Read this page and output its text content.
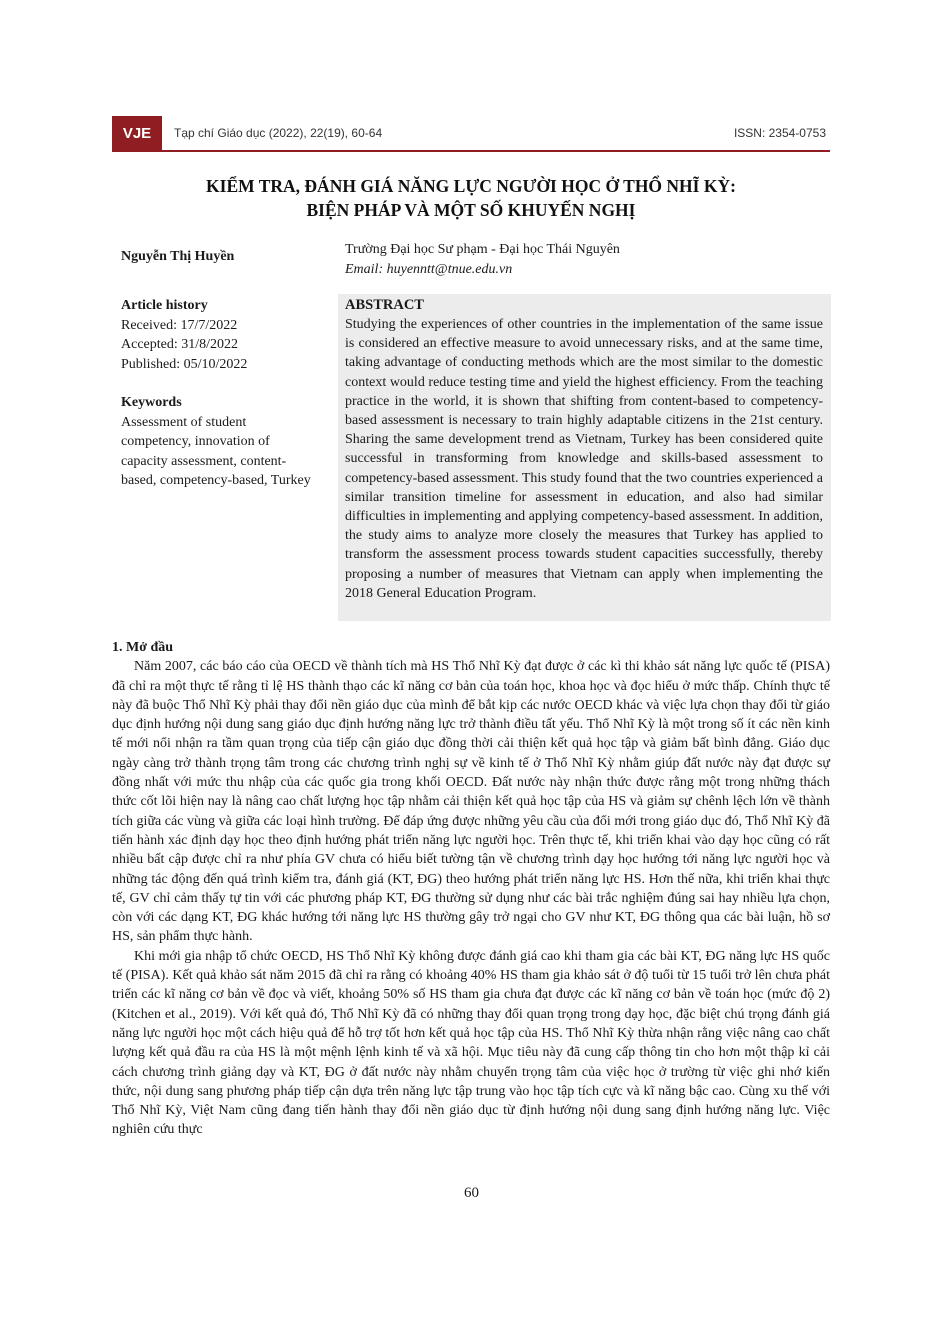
VJE	Tạp chí Giáo dục (2022), 22(19), 60-64	ISSN: 2354-0753
KIỂM TRA, ĐÁNH GIÁ NĂNG LỰC NGƯỜI HỌC Ở THỔ NHĨ KỲ:
BIỆN PHÁP VÀ MỘT SỐ KHUYẾN NGHỊ
Nguyễn Thị Huyền	Trường Đại học Sư phạm - Đại học Thái Nguyên
Email: huyenntt@tnue.edu.vn
Article history
Received: 17/7/2022
Accepted: 31/8/2022
Published: 05/10/2022
Keywords
Assessment of student competency, innovation of capacity assessment, content-based, competency-based, Turkey
ABSTRACT
Studying the experiences of other countries in the implementation of the same issue is considered an effective measure to avoid unnecessary risks, and at the same time, taking advantage of conducting methods which are the most similar to the domestic context would reduce testing time and yield the highest efficiency. From the teaching practice in the world, it is shown that shifting from content-based to competency-based assessment is necessary to train highly adaptable citizens in the 21st century. Sharing the same development trend as Vietnam, Turkey has been considered quite successful in transforming from knowledge and skills-based assessment to competency-based assessment. This study found that the two countries experienced a similar transition timeline for assessment in education, and also had similar difficulties in implementing and applying competency-based assessment. In addition, the study aims to analyze more closely the measures that Turkey has applied to transform the assessment process towards student capacities successfully, thereby proposing a number of measures that Vietnam can apply when implementing the 2018 General Education Program.
1. Mở đầu

Năm 2007, các báo cáo của OECD về thành tích mà HS Thổ Nhĩ Kỳ đạt được ở các kì thi khảo sát năng lực quốc tế (PISA) đã chỉ ra một thực tế rằng tỉ lệ HS thành thạo các kĩ năng cơ bản của toán học, khoa học và đọc hiểu ở mức thấp. Chính thực tế này đã buộc Thổ Nhĩ Kỳ phải thay đổi nền giáo dục của mình để bắt kịp các nước OECD khác và việc lựa chọn thay đổi từ giáo dục định hướng nội dung sang giáo dục định hướng năng lực trở thành điều tất yếu. Thổ Nhĩ Kỳ là một trong số ít các nền kinh tế mới nổi nhận ra tầm quan trọng của tiếp cận giáo dục đồng thời cải thiện kết quả học tập và giảm bất bình đẳng. Giáo dục ngày càng trở thành trọng tâm trong các chương trình nghị sự về kinh tế ở Thổ Nhĩ Kỳ nhằm giúp đất nước này đạt được sự đồng nhất với mức thu nhập của các quốc gia trong khối OECD. Đất nước này nhận thức được rằng một trong những thách thức cốt lõi hiện nay là nâng cao chất lượng học tập nhằm cải thiện kết quả học tập của HS và giảm sự chênh lệch lớn về thành tích giữa các vùng và giữa các loại hình trường. Để đáp ứng được những yêu cầu của đổi mới trong giáo dục đó, Thổ Nhĩ Kỳ đã tiến hành xác định dạy học theo định hướng phát triển năng lực người học. Trên thực tế, khi triển khai vào dạy học cũng có rất nhiều bất cập được chỉ ra như phía GV chưa có hiểu biết tường tận về chương trình dạy học hướng tới năng lực người học và những tác động đến quá trình kiểm tra, đánh giá (KT, ĐG) theo hướng phát triển năng lực HS. Hơn thế nữa, khi triển khai thực tế, GV chỉ cảm thấy tự tin với các phương pháp KT, ĐG thường sử dụng như các bài trắc nghiệm đúng sai hay nhiều lựa chọn, còn với các dạng KT, ĐG khác hướng tới năng lực HS thường gây trở ngại cho GV như KT, ĐG thông qua các bài luận, hồ sơ HS, sản phẩm thực hành.

Khi mới gia nhập tổ chức OECD, HS Thổ Nhĩ Kỳ không được đánh giá cao khi tham gia các bài KT, ĐG năng lực HS quốc tế (PISA). Kết quả khảo sát năm 2015 đã chỉ ra rằng có khoảng 40% HS tham gia khảo sát ở độ tuổi từ 15 tuổi trở lên chưa phát triển các kĩ năng cơ bản về đọc và viết, khoảng 50% số HS tham gia chưa đạt được các kĩ năng cơ bản về toán học (mức độ 2) (Kitchen et al., 2019). Với kết quả đó, Thổ Nhĩ Kỳ đã có những thay đổi quan trọng trong dạy học, đặc biệt chú trọng đánh giá năng lực người học một cách hiệu quả để hỗ trợ tốt hơn kết quả học tập của HS. Thổ Nhĩ Kỳ thừa nhận rằng việc nâng cao chất lượng kết quả đầu ra của HS là một mệnh lệnh kinh tế và xã hội. Mục tiêu này đã cung cấp thông tin cho hơn một thập kỉ cải cách chương trình giảng dạy và KT, ĐG ở đất nước này nhằm chuyển trọng tâm của việc học ở trường từ việc ghi nhớ kiến thức, nội dung sang phương pháp tiếp cận dựa trên năng lực tập trung vào học tập tích cực và kĩ năng bậc cao. Cùng xu thế với Thổ Nhĩ Kỳ, Việt Nam cũng đang tiến hành thay đổi nền giáo dục từ định hướng nội dung sang định hướng năng lực. Việc nghiên cứu thực

60
